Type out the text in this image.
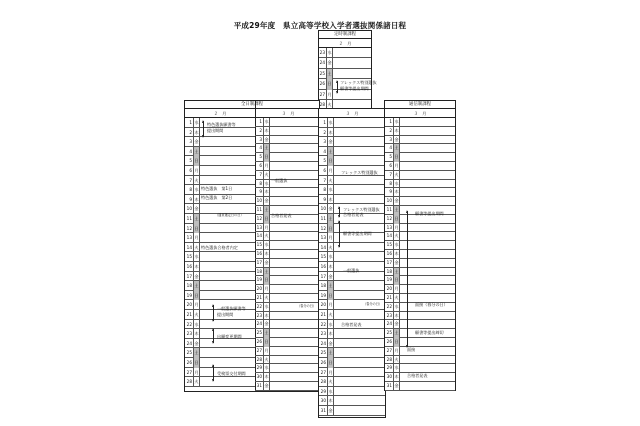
平成29年度　県立高等学校入学者選抜関係諸日程
定時制課程
２　月
23 水
24 金
25 土
26 日
27 月
28 火
フレックス特別選抜
願書等提出期間
全日制課程
２　月	３　月
1 水
2 木
3 金
4 土
5 日
6 月
7 火
8 水
9 木
10 金
11 土
12 日
13 月
14 火
15 水
16 木
17 金
18 土
19 日
20 月
21 火
22 水
23 木
24 金
25 土
26 日
27 月
28 火
1 水
2 木
3 金
4 土
5 日
6 月
7 火
8 水
9 木
10 金
11 土
12 日
13 月
14 火
15 水
16 木
17 金
18 土
19 日
20 月
21 火
22 水
23 木
24 金
25 土
26 日
27 月
28 火
29 水
30 木
31 金
特色選抜願書等
提出期間
特色選抜　第1日
特色選抜　第2日
（通常選定日の日）
特色選抜合格者内定
一般選抜願書等
提出期間
出願変更期間
受検票交付期間
一般選抜
合格者発表
（春分の日）
３　月
1 水
2 木
3 金
4 土
5 日
6 月
7 火
8 水
9 木
10 金
11 土
12 日
13 月
14 火
15 水
16 木
17 金
18 土
19 日
20 月
21 火
22 水
23 木
24 金
25 土
26 日
27 月
28 火
29 水
30 木
31 金
フレックス特別選抜
合格者発表
フレックス特別選抜
願書等提出期間
一般選抜
合格者発表
（春分の日）
通信制課程
３　月
1 水
2 木
3 金
4 土
5 日
6 月
7 火
8 水
9 木
10 金
11 土
12 日
13 月
14 火
15 水
16 木
17 金
18 土
19 日
20 月
21 火
22 水
23 木
24 金
25 土
26 日
27 月
28 火
29 水
30 木
31 金
願書等提出期間
面接（春分の日）
願書等提出締切
面接
合格者発表
